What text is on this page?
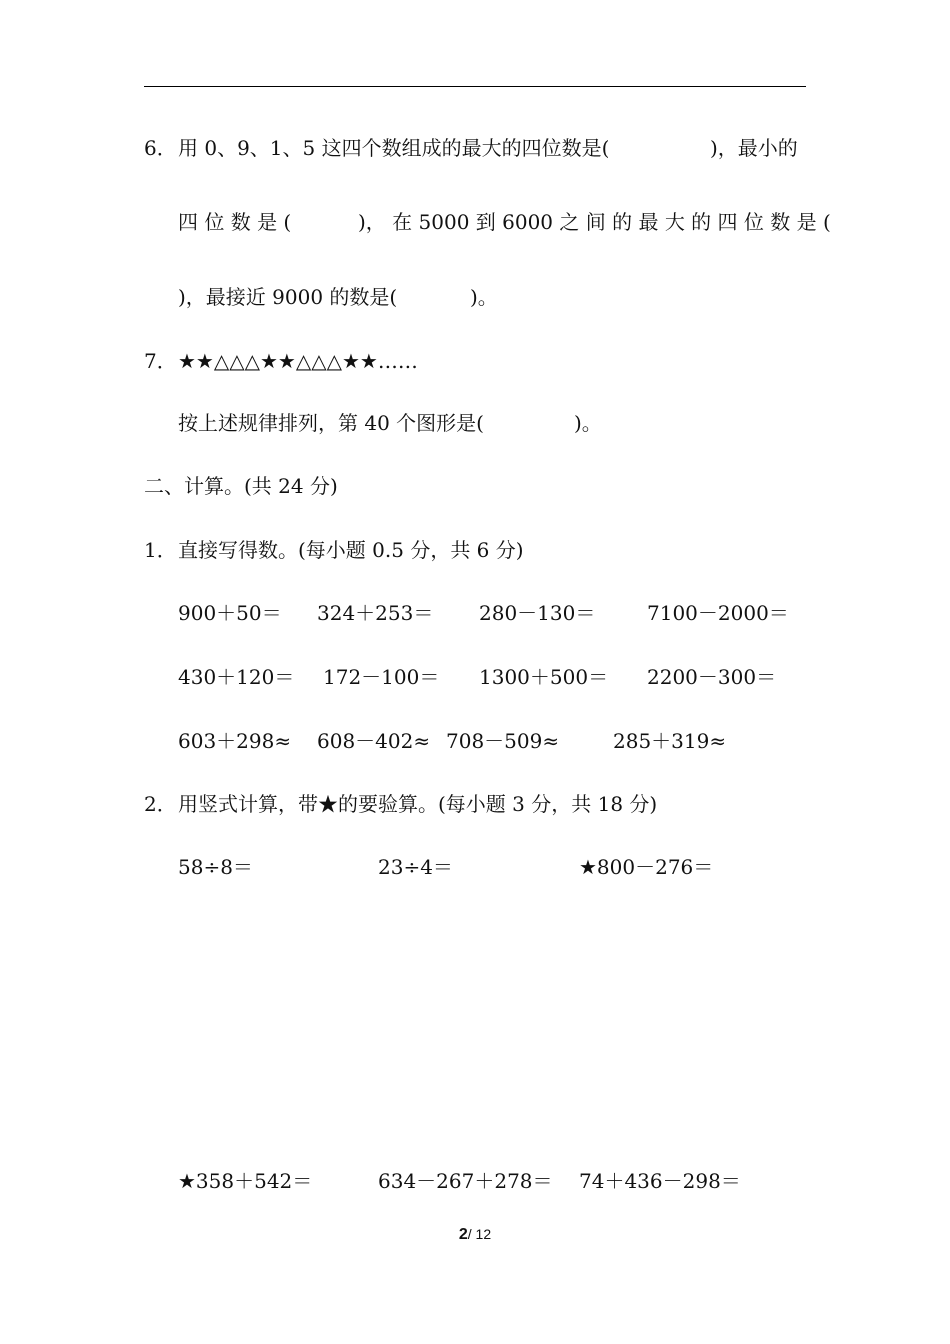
6． 用 0、9、1、5 这四个数组成的最大的四位数是(	)，最小的
四 位 数 是 (	)， 在 5000 到 6000 之 间 的 最 大 的 四 位 数 是 (
)，最接近 9000 的数是(	)。
7． ★★△△△★★△△△★★……
按上述规律排列，第 40 个图形是(	)。
二、计算。(共 24 分)
1． 直接写得数。(每小题 0.5 分，共 6 分)
900＋50＝ 324＋253＝ 280－130＝	7100－2000＝
430＋120＝ 172－100＝ 1300＋500＝ 2200－300＝
603＋298≈ 608－402≈ 708－509≈	285＋319≈
2． 用竖式计算，带★的要验算。(每小题 3 分，共 18 分)
58÷8＝	23÷4＝	★800－276＝
★358＋542＝	634－267＋278＝ 74＋436－298＝
2/ 12
